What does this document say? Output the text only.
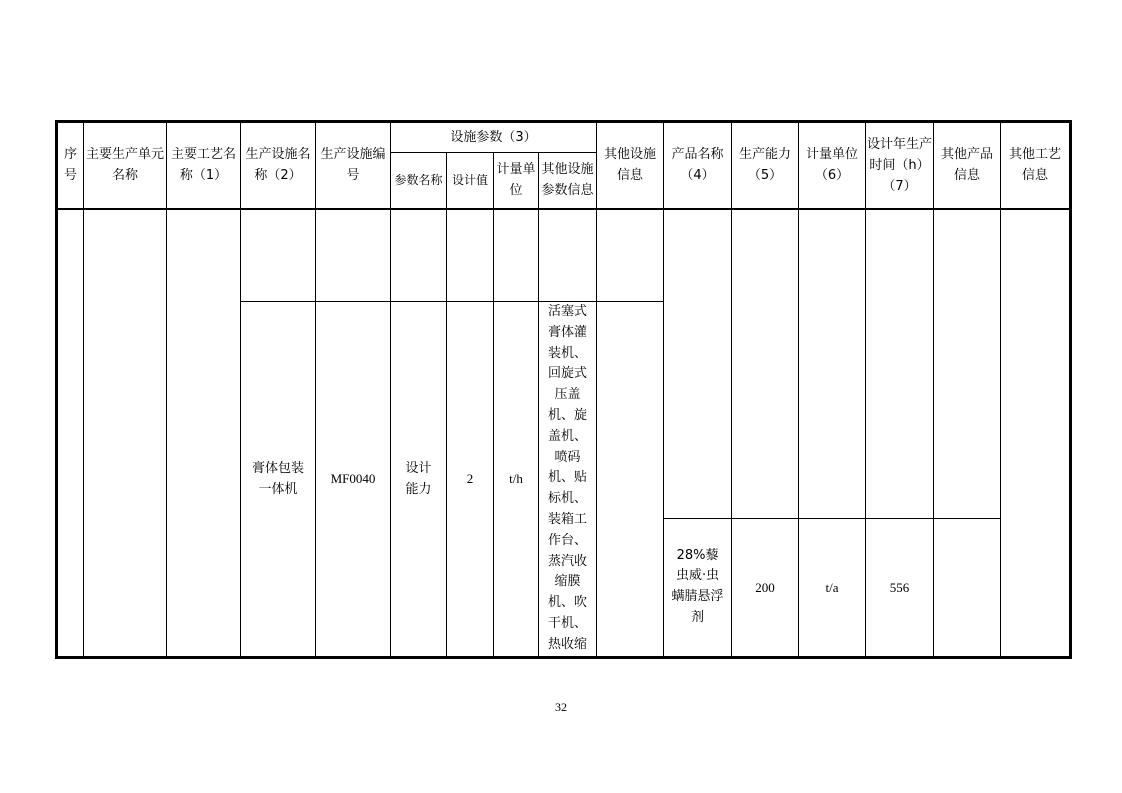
序号	主要生产单元名称	主要工艺名称（1）	生产设施名称（2）	生产设施编号	设施参数（3）				其他设施信息	产品名称（4）	生产能力（5）	计量单位（6）	设计年生产时间（h）（7）	其他产品信息	其他工艺信息

					参数名称	设计值	计量单位	其他设施参数信息							

			膏体包装一体机	MF0040	设计能力	2	t/h	活塞式膏体灌装机、回旋式压盖机、旋盖机、喷码机、贴标机、装箱工作台、蒸汽收缩膜机、吹干机、热收缩							

										28%藜虫威·虫螨腈悬浮剂	200	t/a	556		

32
